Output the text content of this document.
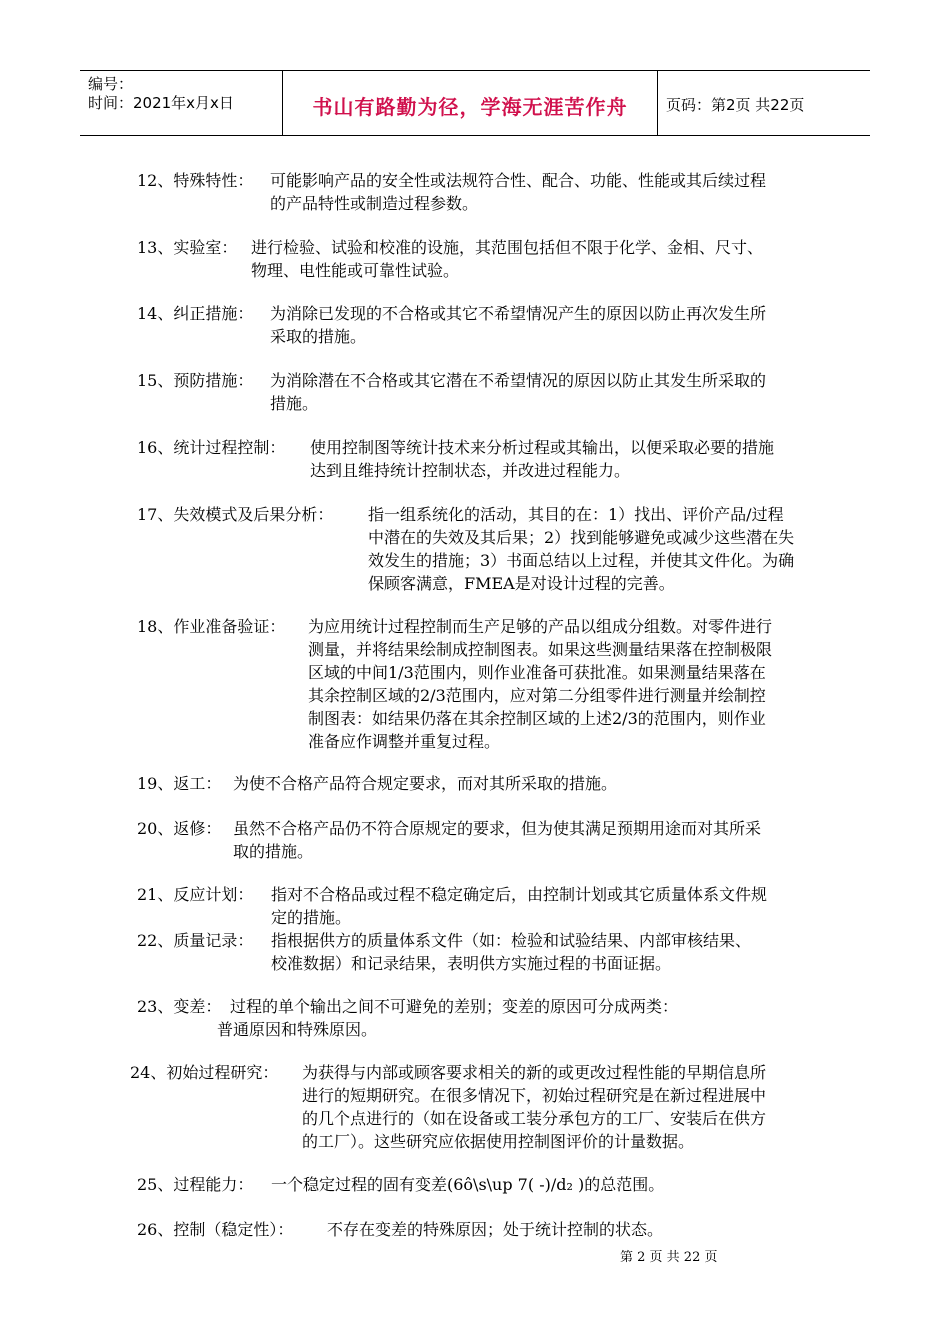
编号：
时间：2021年x月x日	书山有路勤为径，学海无涯苦作舟	页码：第2页 共22页
12、特殊特性： 可能影响产品的安全性或法规符合性、配合、功能、性能或其后续过程
的产品特性或制造过程参数。
13、实验室： 进行检验、试验和校准的设施，其范围包括但不限于化学、金相、尺寸、
物理、电性能或可靠性试验。
14、纠正措施： 为消除已发现的不合格或其它不希望情况产生的原因以防止再次发生所
采取的措施。
15、预防措施： 为消除潜在不合格或其它潜在不希望情况的原因以防止其发生所采取的
措施。
16、统计过程控制： 使用控制图等统计技术来分析过程或其输出，以便采取必要的措施
达到且维持统计控制状态，并改进过程能力。
17、失效模式及后果分析： 指一组系统化的活动，其目的在：1）找出、评价产品/过程
中潜在的失效及其后果；2）找到能够避免或减少这些潜在失
效发生的措施；3）书面总结以上过程，并使其文件化。为确
保顾客满意，FMEA是对设计过程的完善。
18、作业准备验证： 为应用统计过程控制而生产足够的产品以组成分组数。对零件进行
测量，并将结果绘制成控制图表。如果这些测量结果落在控制极限
区域的中间1/3范围内，则作业准备可获批准。如果测量结果落在
其余控制区域的2/3范围内，应对第二分组零件进行测量并绘制控
制图表：如结果仍落在其余控制区域的上述2/3的范围内，则作业
准备应作调整并重复过程。
19、返工： 为使不合格产品符合规定要求，而对其所采取的措施。
20、返修： 虽然不合格产品仍不符合原规定的要求，但为使其满足预期用途而对其所采
取的措施。
21、反应计划： 指对不合格品或过程不稳定确定后，由控制计划或其它质量体系文件规
定的措施。
22、质量记录： 指根据供方的质量体系文件（如：检验和试验结果、内部审核结果、
校准数据）和记录结果，表明供方实施过程的书面证据。
23、变差： 过程的单个输出之间不可避免的差别；变差的原因可分成两类：
普通原因和特殊原因。
24、初始过程研究： 为获得与内部或顾客要求相关的新的或更改过程性能的早期信息所
进行的短期研究。在很多情况下，初始过程研究是在新过程进展中
的几个点进行的（如在设备或工装分承包方的工厂、安装后在供方
的工厂）。这些研究应依据使用控制图评价的计量数据。
25、过程能力： 一个稳定过程的固有变差(6ô\s\up 7( -)/d₂ )的总范围。
26、控制（稳定性）： 不存在变差的特殊原因；处于统计控制的状态。
第 2 页 共 22 页
